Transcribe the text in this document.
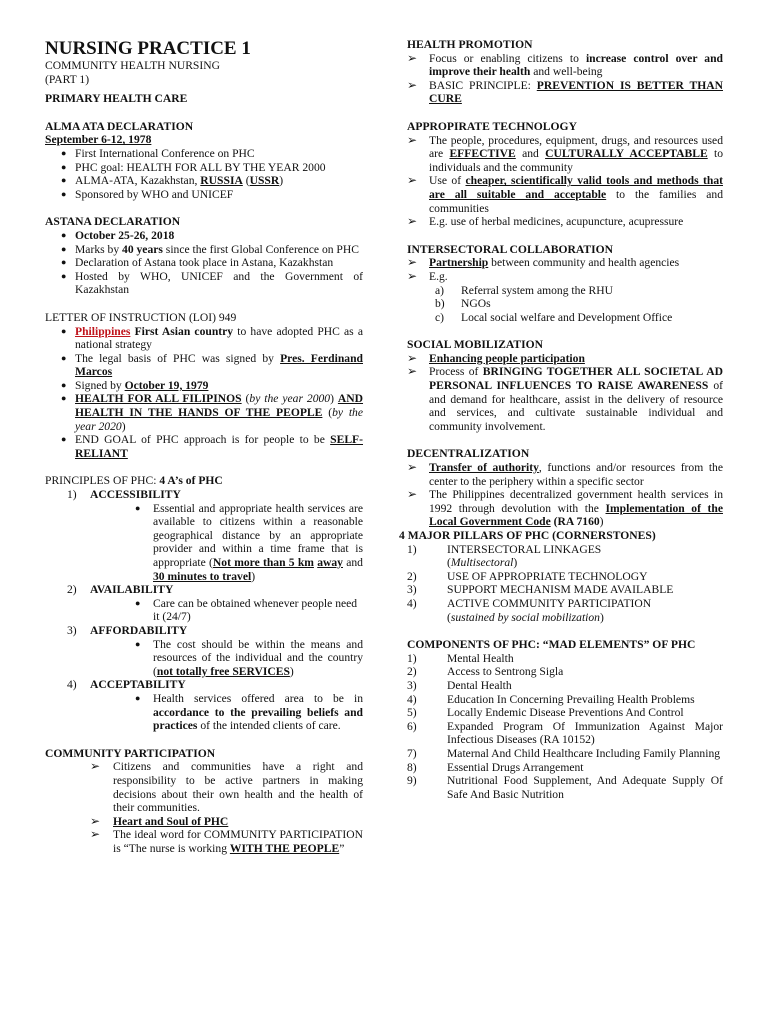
NURSING PRACTICE 1

COMMUNITY HEALTH NURSING

(PART 1)

PRIMARY HEALTH CARE

ALMA ATA DECLARATION

September 6-12, 1978

● First International Conference on PHC
● PHC goal: HEALTH FOR ALL BY THE YEAR 2000
● ALMA-ATA, Kazakhstan, RUSSIA (USSR)
● Sponsored by WHO and UNICEF

ASTANA DECLARATION

● October 25-26, 2018
● Marks by 40 years since the first Global Conference on PHC
● Declaration of Astana took place in Astana, Kazakhstan
● Hosted by WHO, UNICEF and the Government of Kazakhstan

LETTER OF INSTRUCTION (LOI) 949

● Philippines First Asian country to have adopted PHC as a national strategy
● The legal basis of PHC was signed by Pres. Ferdinand Marcos
● Signed by October 19, 1979
● HEALTH FOR ALL FILIPINOS (by the year 2000) AND HEALTH IN THE HANDS OF THE PEOPLE (by the year 2020)
● END GOAL of PHC approach is for people to be SELF-RELIANT

PRINCIPLES OF PHC: 4 A’s of PHC

1) ACCESSIBILITY
● Essential and appropriate health services are available to citizens within a reasonable geographical distance by an appropriate provider and within a time frame that is appropriate (Not more than 5 km away and 30 minutes to travel)
2) AVAILABILITY
● Care can be obtained whenever people need it (24/7)
3) AFFORDABILITY
● The cost should be within the means and resources of the individual and the country (not totally free SERVICES)
4) ACCEPTABILITY
● Health services offered area to be in accordance to the prevailing beliefs and practices of the intended clients of care.

COMMUNITY PARTICIPATION

➢ Citizens and communities have a right and responsibility to be active partners in making decisions about their own health and the health of their communities.
➢ Heart and Soul of PHC
➢ The ideal word for COMMUNITY PARTICIPATION is “The nurse is working WITH THE PEOPLE”

HEALTH PROMOTION

➢ Focus or enabling citizens to increase control over and improve their health and well-being
➢ BASIC PRINCIPLE: PREVENTION IS BETTER THAN CURE

APPROPIRATE TECHNOLOGY

➢ The people, procedures, equipment, drugs, and resources used are EFFECTIVE and CULTURALLY ACCEPTABLE to individuals and the community
➢ Use of cheaper, scientifically valid tools and methods that are all suitable and acceptable to the families and communities
➢ E.g. use of herbal medicines, acupuncture, acupressure

INTERSECTORAL COLLABORATION

➢ Partnership between community and health agencies
➢ E.g.
a) Referral system among the RHU
b) NGOs
c) Local social welfare and Development Office

SOCIAL MOBILIZATION

➢ Enhancing people participation
➢ Process of BRINGING TOGETHER ALL SOCIETAL AD PERSONAL INFLUENCES TO RAISE AWARENESS of and demand for healthcare, assist in the delivery of resource and services, and cultivate sustainable individual and community involvement.

DECENTRALIZATION

➢ Transfer of authority, functions and/or resources from the center to the periphery within a specific sector
➢ The Philippines decentralized government health services in 1992 through devolution with the Implementation of the Local Government Code (RA 7160)

4 MAJOR PILLARS OF PHC (CORNERSTONES)

1)	INTERSECTORAL LINKAGES
(Multisectoral)
2)	USE OF APPROPRIATE TECHNOLOGY
3)	SUPPORT MECHANISM MADE AVAILABLE
4)	ACTIVE COMMUNITY PARTICIPATION
(sustained by social mobilization)

COMPONENTS OF PHC: “MAD ELEMENTS” OF PHC

1)	Mental Health
2)	Access to Sentrong Sigla
3)	Dental Health
4)	Education In Concerning Prevailing Health Problems
5)	Locally Endemic Disease Preventions And Control
6)	Expanded Program Of Immunization Against Major Infectious Diseases (RA 10152)
7)	Maternal And Child Healthcare Including Family Planning
8)	Essential Drugs Arrangement
9)	Nutritional Food Supplement, And Adequate Supply Of Safe And Basic Nutrition
